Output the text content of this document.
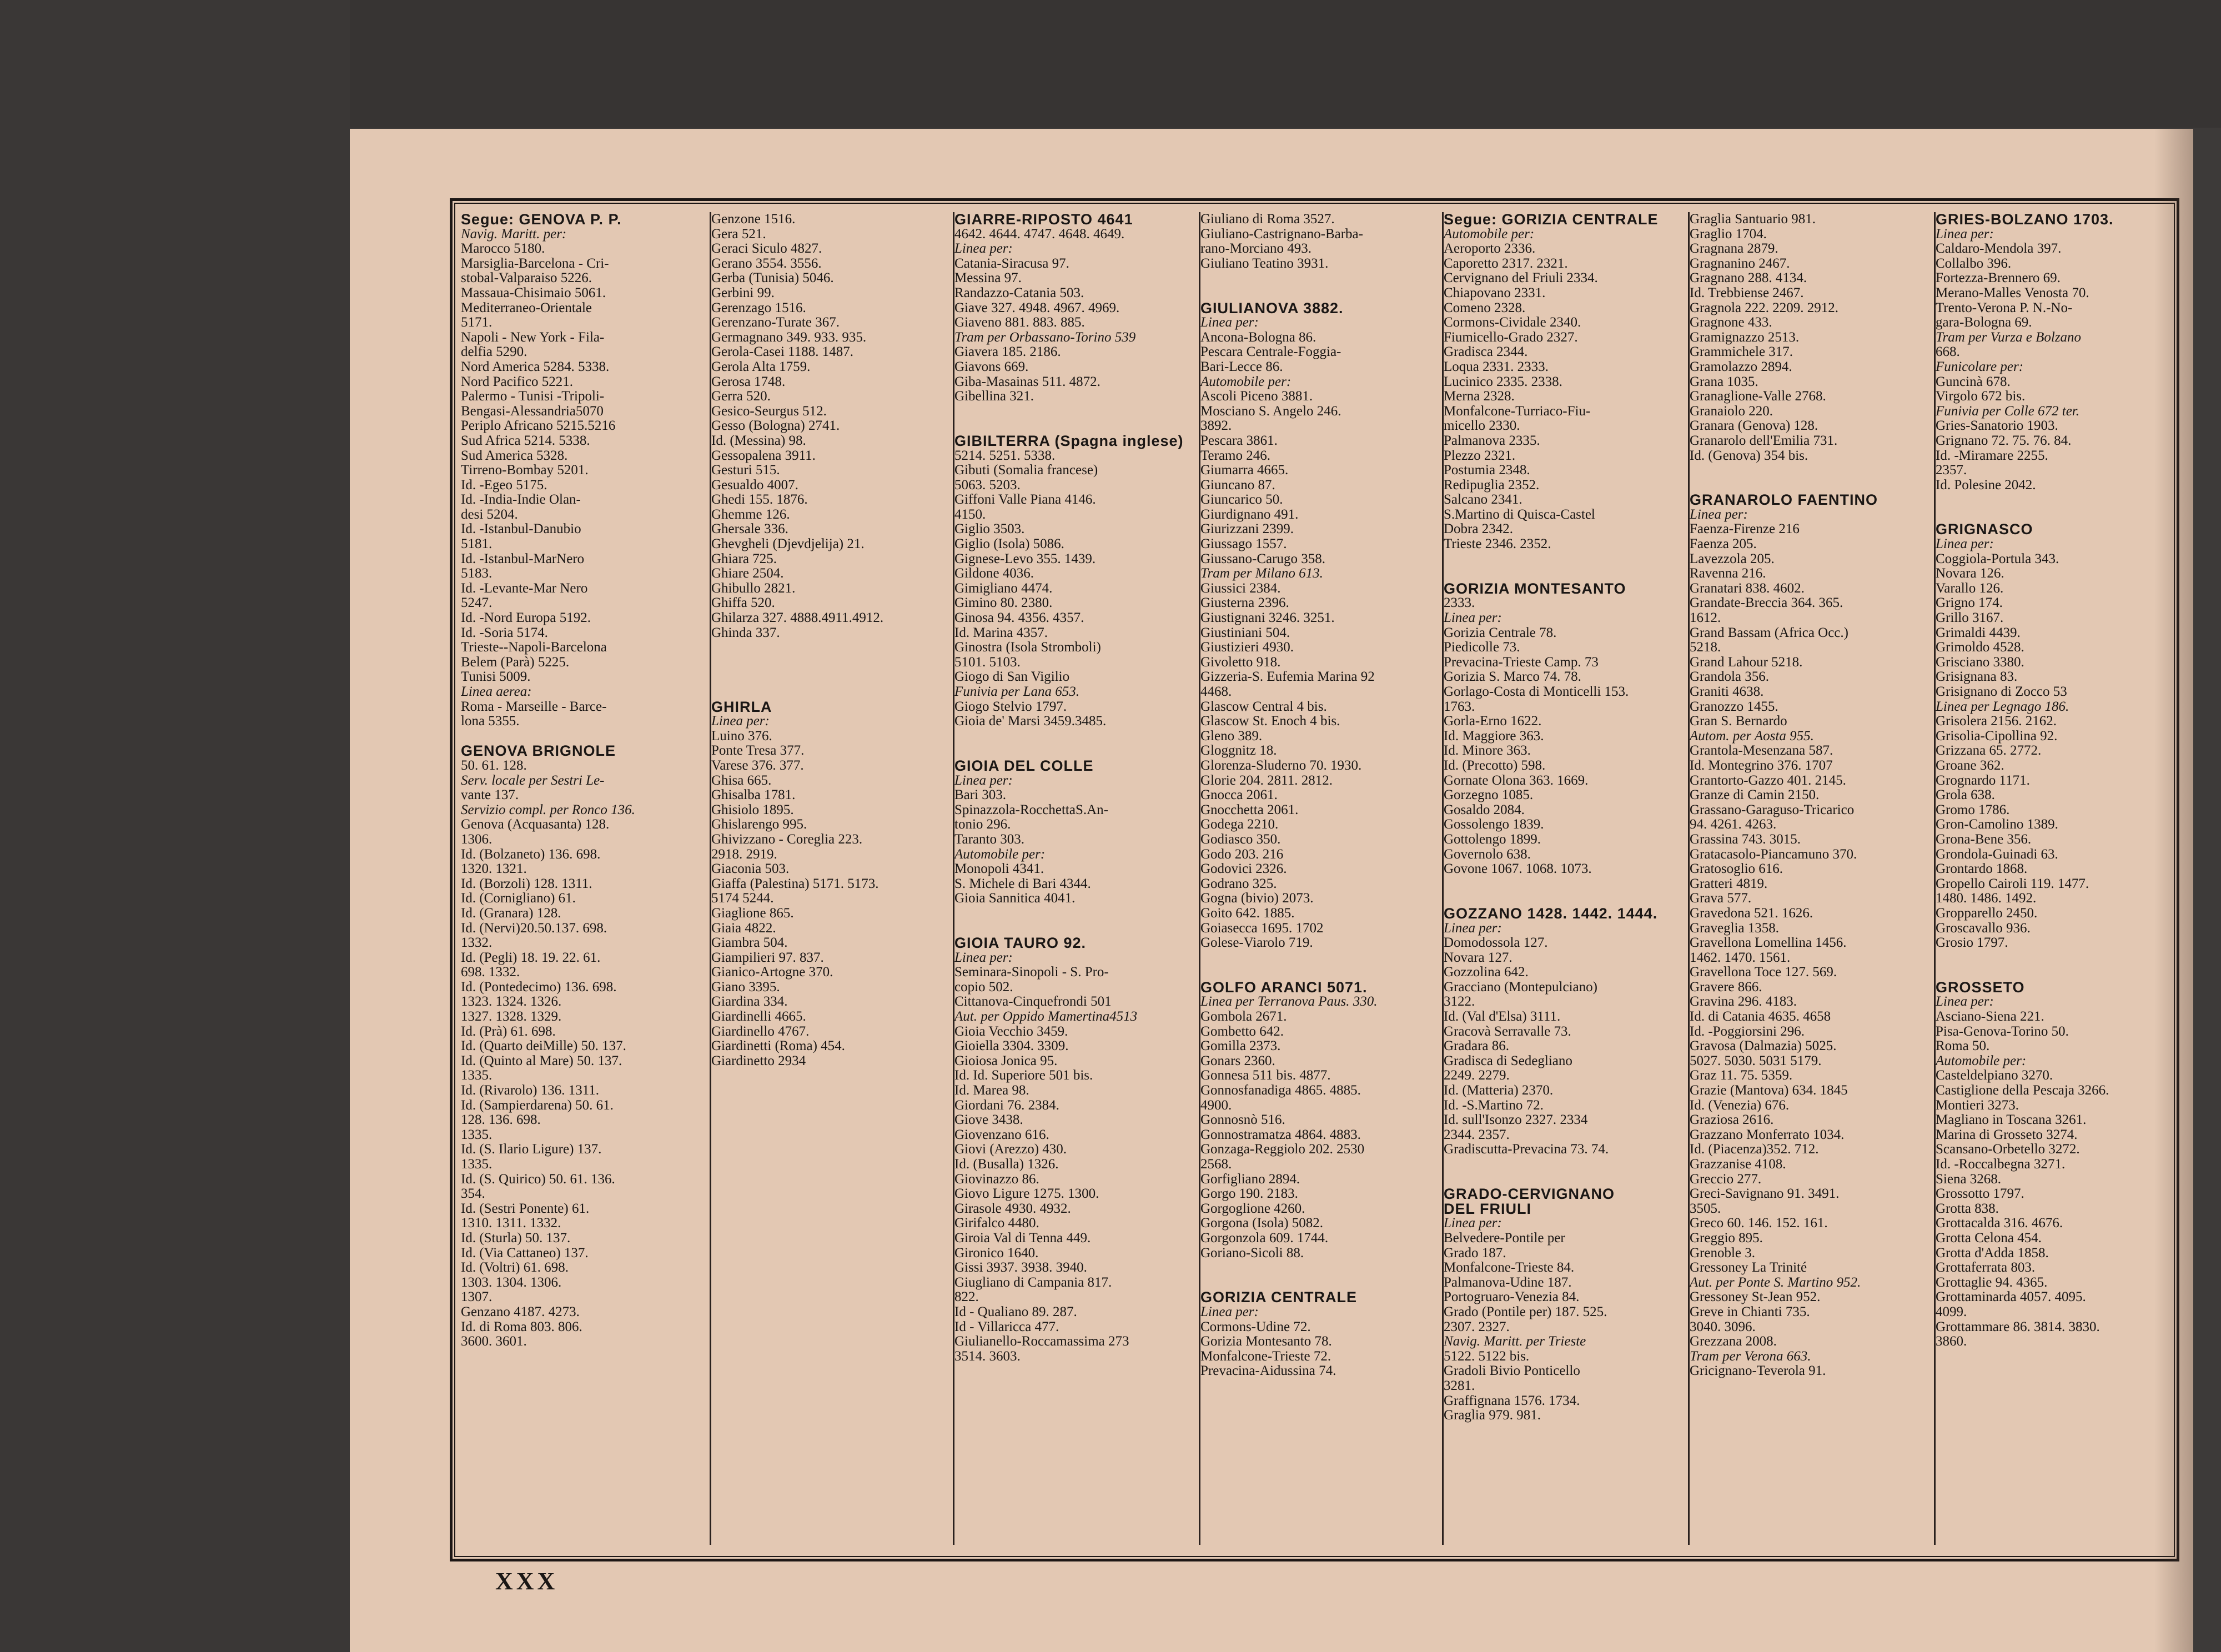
Segue: GENOVA P. P.
Navig. Maritt. per:
Marocco 5180.
Marsiglia-Barcelona - Cri-
stobal-Valparaiso 5226.
Massaua-Chisimaio 5061.
Mediterraneo-Orientale
5171.
Napoli - New York - Fila-
delfia 5290.
Nord America 5284. 5338.
Nord Pacifico 5221.
Palermo - Tunisi -Tripoli-
Bengasi-Alessandria5070
Periplo Africano 5215.5216
Sud Africa 5214. 5338.
Sud America 5328.
Tirreno-Bombay 5201.
Id. -Egeo 5175.
Id. -India-Indie Olan-
desi 5204.
Id. -Istanbul-Danubio
5181.
Id. -Istanbul-MarNero
5183.
Id. -Levante-Mar Nero
5247.
Id. -Nord Europa 5192.
Id. -Soria 5174.
Trieste--Napoli-Barcelona
Belem (Parà) 5225.
Tunisi 5009.
Linea aerea:
Roma - Marseille - Barce-
lona 5355.
GENOVA BRIGNOLE
50. 61. 128.
Serv. locale per Sestri Le-
vante 137.
Servizio compl. per Ronco 136.
Genova (Acquasanta) 128.
1306.
Id. (Bolzaneto) 136. 698.
1320. 1321.
Id. (Borzoli) 128. 1311.
Id. (Cornigliano) 61.
Id. (Granara) 128.
Id. (Nervi)20.50.137. 698.
1332.
Id. (Pegli) 18. 19. 22. 61.
698. 1332.
Id. (Pontedecimo) 136. 698.
1323. 1324. 1326.
1327. 1328. 1329.
Id. (Prà) 61. 698.
Id. (Quarto deiMille) 50. 137.
Id. (Quinto al Mare) 50. 137.
1335.
Id. (Rivarolo) 136. 1311.
Id. (Sampierdarena) 50. 61.
128. 136. 698.
1335.
Id. (S. Ilario Ligure) 137.
1335.
Id. (S. Quirico) 50. 61. 136.
354.
Id. (Sestri Ponente) 61.
1310. 1311. 1332.
Id. (Sturla) 50. 137.
Id. (Via Cattaneo) 137.
Id. (Voltri) 61. 698.
1303. 1304. 1306.
1307.
Genzano 4187. 4273.
Id. di Roma 803. 806.
3600. 3601.
Genzone 1516.
Gera 521.
Geraci Siculo 4827.
Gerano 3554. 3556.
Gerba (Tunisia) 5046.
Gerbini 99.
Gerenzago 1516.
Gerenzano-Turate 367.
Germagnano 349. 933. 935.
Gerola-Casei 1188. 1487.
Gerola Alta 1759.
Gerosa 1748.
Gerra 520.
Gesico-Seurgus 512.
Gesso (Bologna) 2741.
Id. (Messina) 98.
Gessopalena 3911.
Gesturi 515.
Gesualdo 4007.
Ghedi 155. 1876.
Ghemme 126.
Ghersale 336.
Ghevgheli (Djevdjelija) 21.
Ghiara 725.
Ghiare 2504.
Ghibullo 2821.
Ghiffa 520.
Ghilarza 327. 4888.4911.4912.
Ghinda 337.
GHIRLA
Linea per:
Luino 376.
Ponte Tresa 377.
Varese 376. 377.
Ghisa 665.
Ghisalba 1781.
Ghisiolo 1895.
Ghislarengo 995.
Ghivizzano - Coreglia 223.
2918. 2919.
Giaconia 503.
Giaffa (Palestina) 5171. 5173.
5174 5244.
Giaglione 865.
Giaia 4822.
Giambra 504.
Giampilieri 97. 837.
Gianico-Artogne 370.
Giano 3395.
Giardina 334.
Giardinelli 4665.
Giardinello 4767.
Giardinetti (Roma) 454.
Giardinetto 2934
GIARRE-RIPOSTO 4641
4642. 4644. 4747. 4648. 4649.
Linea per:
Catania-Siracusa 97.
Messina 97.
Randazzo-Catania 503.
Giave 327. 4948. 4967. 4969.
Giaveno 881. 883. 885.
Tram per Orbassano-Torino 539
Giavera 185. 2186.
Giavons 669.
Giba-Masainas 511. 4872.
Gibellina 321.
GIBILTERRA (Spagna inglese)
5214. 5251. 5338.
Gibuti (Somalia francese)
5063. 5203.
Giffoni Valle Piana 4146.
4150.
Giglio 3503.
Giglio (Isola) 5086.
Gignese-Levo 355. 1439.
Gildone 4036.
Gimigliano 4474.
Gimino 80. 2380.
Ginosa 94. 4356. 4357.
Id. Marina 4357.
Ginostra (Isola Stromboli)
5101. 5103.
Giogo di San Vigilio
Funivia per Lana 653.
Giogo Stelvio 1797.
Gioia de' Marsi 3459.3485.
GIOIA DEL COLLE
Linea per:
Bari 303.
Spinazzola-RocchettaS.An-
tonio 296.
Taranto 303.
Automobile per:
Monopoli 4341.
S. Michele di Bari 4344.
Gioia Sannitica 4041.
GIOIA TAURO 92.
Linea per:
Seminara-Sinopoli - S. Pro-
copio 502.
Cittanova-Cinquefrondi 501
Aut. per Oppido Mamertina4513
Gioia Vecchio 3459.
Gioiella 3304. 3309.
Gioiosa Jonica 95.
Id. Id. Superiore 501 bis.
Id. Marea 98.
Giordani 76. 2384.
Giove 3438.
Giovenzano 616.
Giovi (Arezzo) 430.
Id. (Busalla) 1326.
Giovinazzo 86.
Giovo Ligure 1275. 1300.
Girasole 4930. 4932.
Girifalco 4480.
Giroia Val di Tenna 449.
Gironico 1640.
Gissi 3937. 3938. 3940.
Giugliano di Campania 817.
822.
Id - Qualiano 89. 287.
Id - Villaricca 477.
Giulianello-Roccamassima 273
3514. 3603.
Giuliano di Roma 3527.
Giuliano-Castrignano-Barba-
rano-Morciano 493.
Giuliano Teatino 3931.
GIULIANOVA 3882.
Linea per:
Ancona-Bologna 86.
Pescara Centrale-Foggia-
Bari-Lecce 86.
Automobile per:
Ascoli Piceno 3881.
Mosciano S. Angelo 246.
3892.
Pescara 3861.
Teramo 246.
Giumarra 4665.
Giuncano 87.
Giuncarico 50.
Giurdignano 491.
Giurizzani 2399.
Giussago 1557.
Giussano-Carugo 358.
Tram per Milano 613.
Giussici 2384.
Giusterna 2396.
Giustignani 3246. 3251.
Giustiniani 504.
Giustizieri 4930.
Givoletto 918.
Gizzeria-S. Eufemia Marina 92
4468.
Glascow Central 4 bis.
Glascow St. Enoch 4 bis.
Gleno 389.
Gloggnitz 18.
Glorenza-Sluderno 70. 1930.
Glorie 204. 2811. 2812.
Gnocca 2061.
Gnocchetta 2061.
Godega 2210.
Godiasco 350.
Godo 203. 216
Godovici 2326.
Godrano 325.
Gogna (bivio) 2073.
Goito 642. 1885.
Goiasecca 1695. 1702
Golese-Viarolo 719.
GOLFO ARANCI 5071.
Linea per Terranova Paus. 330.
Gombola 2671.
Gombetto 642.
Gomilla 2373.
Gonars 2360.
Gonnesa 511 bis. 4877.
Gonnosfanadiga 4865. 4885.
4900.
Gonnosnò 516.
Gonnostramatza 4864. 4883.
Gonzaga-Reggiolo 202. 2530
2568.
Gorfigliano 2894.
Gorgo 190. 2183.
Gorgoglione 4260.
Gorgona (Isola) 5082.
Gorgonzola 609. 1744.
Goriano-Sicoli 88.
GORIZIA CENTRALE
Linea per:
Cormons-Udine 72.
Gorizia Montesanto 78.
Monfalcone-Trieste 72.
Prevacina-Aidussina 74.
Segue: GORIZIA CENTRALE
Automobile per:
Aeroporto 2336.
Caporetto 2317. 2321.
Cervignano del Friuli 2334.
Chiapovano 2331.
Comeno 2328.
Cormons-Cividale 2340.
Fiumicello-Grado 2327.
Gradisca 2344.
Loqua 2331. 2333.
Lucinico 2335. 2338.
Merna 2328.
Monfalcone-Turriaco-Fiu-
micello 2330.
Palmanova 2335.
Plezzo 2321.
Postumia 2348.
Redipuglia 2352.
Salcano 2341.
S.Martino di Quisca-Castel
Dobra 2342.
Trieste 2346. 2352.
GORIZIA MONTESANTO
2333.
Linea per:
Gorizia Centrale 78.
Piedicolle 73.
Prevacina-Trieste Camp. 73
Gorizia S. Marco 74. 78.
Gorlago-Costa di Monticelli 153.
1763.
Gorla-Erno 1622.
Id. Maggiore 363.
Id. Minore 363.
Id. (Precotto) 598.
Gornate Olona 363. 1669.
Gorzegno 1085.
Gosaldo 2084.
Gossolengo 1839.
Gottolengo 1899.
Governolo 638.
Govone 1067. 1068. 1073.
GOZZANO 1428. 1442. 1444.
Linea per:
Domodossola 127.
Novara 127.
Gozzolina 642.
Gracciano (Montepulciano)
3122.
Id. (Val d'Elsa) 3111.
Gracovà Serravalle 73.
Gradara 86.
Gradisca di Sedegliano
2249. 2279.
Id. (Matteria) 2370.
Id. -S.Martino 72.
Id. sull'Isonzo 2327. 2334
2344. 2357.
Gradiscutta-Prevacina 73. 74.
GRADO-CERVIGNANO
DEL FRIULI
Linea per:
Belvedere-Pontile per
Grado 187.
Monfalcone-Trieste 84.
Palmanova-Udine 187.
Portogruaro-Venezia 84.
Grado (Pontile per) 187. 525.
2307. 2327.
Navig. Maritt. per Trieste
5122. 5122 bis.
Gradoli Bivio Ponticello
3281.
Graffignana 1576. 1734.
Graglia 979. 981.
Graglia Santuario 981.
Graglio 1704.
Gragnana 2879.
Gragnanino 2467.
Gragnano 288. 4134.
Id. Trebbiense 2467.
Gragnola 222. 2209. 2912.
Gragnone 433.
Gramignazzo 2513.
Grammichele 317.
Gramolazzo 2894.
Grana 1035.
Granaglione-Valle 2768.
Granaiolo 220.
Granara (Genova) 128.
Granarolo dell'Emilia 731.
Id. (Genova) 354 bis.
GRANAROLO FAENTINO
Linea per:
Faenza-Firenze 216
Faenza 205.
Lavezzola 205.
Ravenna 216.
Granatari 838. 4602.
Grandate-Breccia 364. 365.
1612.
Grand Bassam (Africa Occ.)
5218.
Grand Lahour 5218.
Grandola 356.
Graniti 4638.
Granozzo 1455.
Gran S. Bernardo
Autom. per Aosta 955.
Grantola-Mesenzana 587.
Id. Montegrino 376. 1707
Grantorto-Gazzo 401. 2145.
Granze di Camin 2150.
Grassano-Garaguso-Tricarico
94. 4261. 4263.
Grassina 743. 3015.
Gratacasolo-Piancamuno 370.
Gratosoglio 616.
Gratteri 4819.
Grava 577.
Gravedona 521. 1626.
Graveglia 1358.
Gravellona Lomellina 1456.
1462. 1470. 1561.
Gravellona Toce 127. 569.
Gravere 866.
Gravina 296. 4183.
Id. di Catania 4635. 4658
Id. -Poggiorsini 296.
Gravosa (Dalmazia) 5025.
5027. 5030. 5031 5179.
Graz 11. 75. 5359.
Grazie (Mantova) 634. 1845
Id. (Venezia) 676.
Graziosa 2616.
Grazzano Monferrato 1034.
Id. (Piacenza)352. 712.
Grazzanise 4108.
Greccio 277.
Greci-Savignano 91. 3491.
3505.
Greco 60. 146. 152. 161.
Greggio 895.
Grenoble 3.
Gressoney La Trinité
Aut. per Ponte S. Martino 952.
Gressoney St-Jean 952.
Greve in Chianti 735.
3040. 3096.
Grezzana 2008.
Tram per Verona 663.
Gricignano-Teverola 91.
GRIES-BOLZANO 1703.
Linea per:
Caldaro-Mendola 397.
Collalbo 396.
Fortezza-Brennero 69.
Merano-Malles Venosta 70.
Trento-Verona P. N.-No-
gara-Bologna 69.
Tram per Vurza e Bolzano
668.
Funicolare per:
Guncinà 678.
Virgolo 672 bis.
Funivia per Colle 672 ter.
Gries-Sanatorio 1903.
Grignano 72. 75. 76. 84.
Id. -Miramare 2255.
2357.
Id. Polesine 2042.
GRIGNASCO
Linea per:
Coggiola-Portula 343.
Novara 126.
Varallo 126.
Grigno 174.
Grillo 3167.
Grimaldi 4439.
Grimoldo 4528.
Grisciano 3380.
Grisignana 83.
Grisignano di Zocco 53
Linea per Legnago 186.
Grisolera 2156. 2162.
Grisolia-Cipollina 92.
Grizzana 65. 2772.
Groane 362.
Grognardo 1171.
Grola 638.
Gromo 1786.
Gron-Camolino 1389.
Grona-Bene 356.
Grondola-Guinadi 63.
Grontardo 1868.
Gropello Cairoli 119. 1477.
1480. 1486. 1492.
Gropparello 2450.
Groscavallo 936.
Grosio 1797.
GROSSETO
Linea per:
Asciano-Siena 221.
Pisa-Genova-Torino 50.
Roma 50.
Automobile per:
Casteldelpiano 3270.
Castiglione della Pescaja 3266.
Montieri 3273.
Magliano in Toscana 3261.
Marina di Grosseto 3274.
Scansano-Orbetello 3272.
Id. -Roccalbegna 3271.
Siena 3268.
Grossotto 1797.
Grotta 838.
Grottacalda 316. 4676.
Grotta Celona 454.
Grotta d'Adda 1858.
Grottaferrata 803.
Grottaglie 94. 4365.
Grottaminarda 4057. 4095.
4099.
Grottammare 86. 3814. 3830.
3860.
XXX
